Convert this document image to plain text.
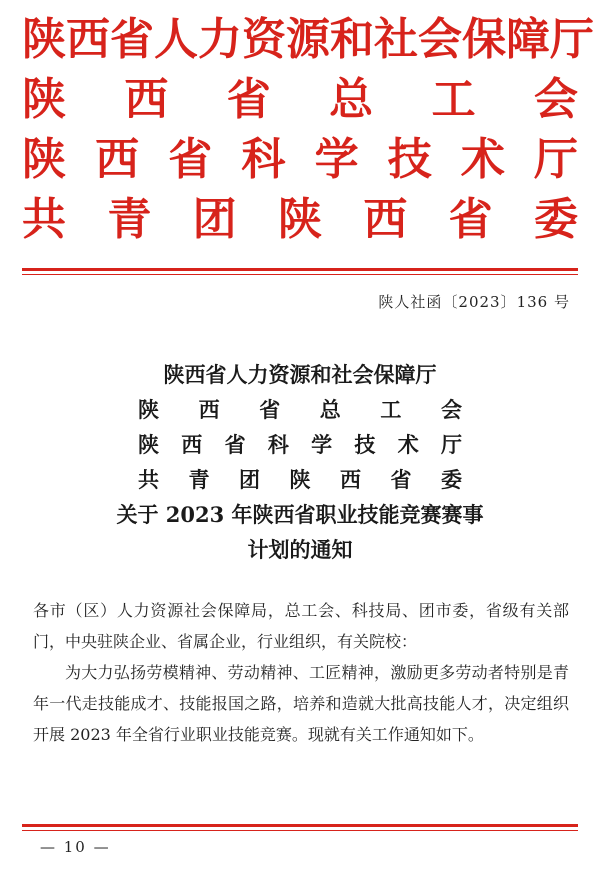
陕 西 省 人 力 资 源 和 社 会 保 障 厅
陕 西 省 总 工 会
陕 西 省 科 学 技 术 厅
共 青 团 陕 西 省 委
陕人社函〔2023〕136 号
陕西省人力资源和社会保障厅
陕 西 省 总 工 会
陕 西 省 科 学 技 术 厅
共 青 团 陕 西 省 委
关于 2023 年陕西省职业技能竞赛赛事
计划的通知

各市（区）人力资源社会保障局，总工会、科技局、团市委，省级有关部门，中央驻陕企业、省属企业，行业组织，有关院校：

为大力弘扬劳模精神、劳动精神、工匠精神，激励更多劳动者特别是青年一代走技能成才、技能报国之路，培养和造就大批高技能人才，决定组织开展 2023 年全省行业职业技能竞赛。现就有关工作通知如下。

— 10 —
